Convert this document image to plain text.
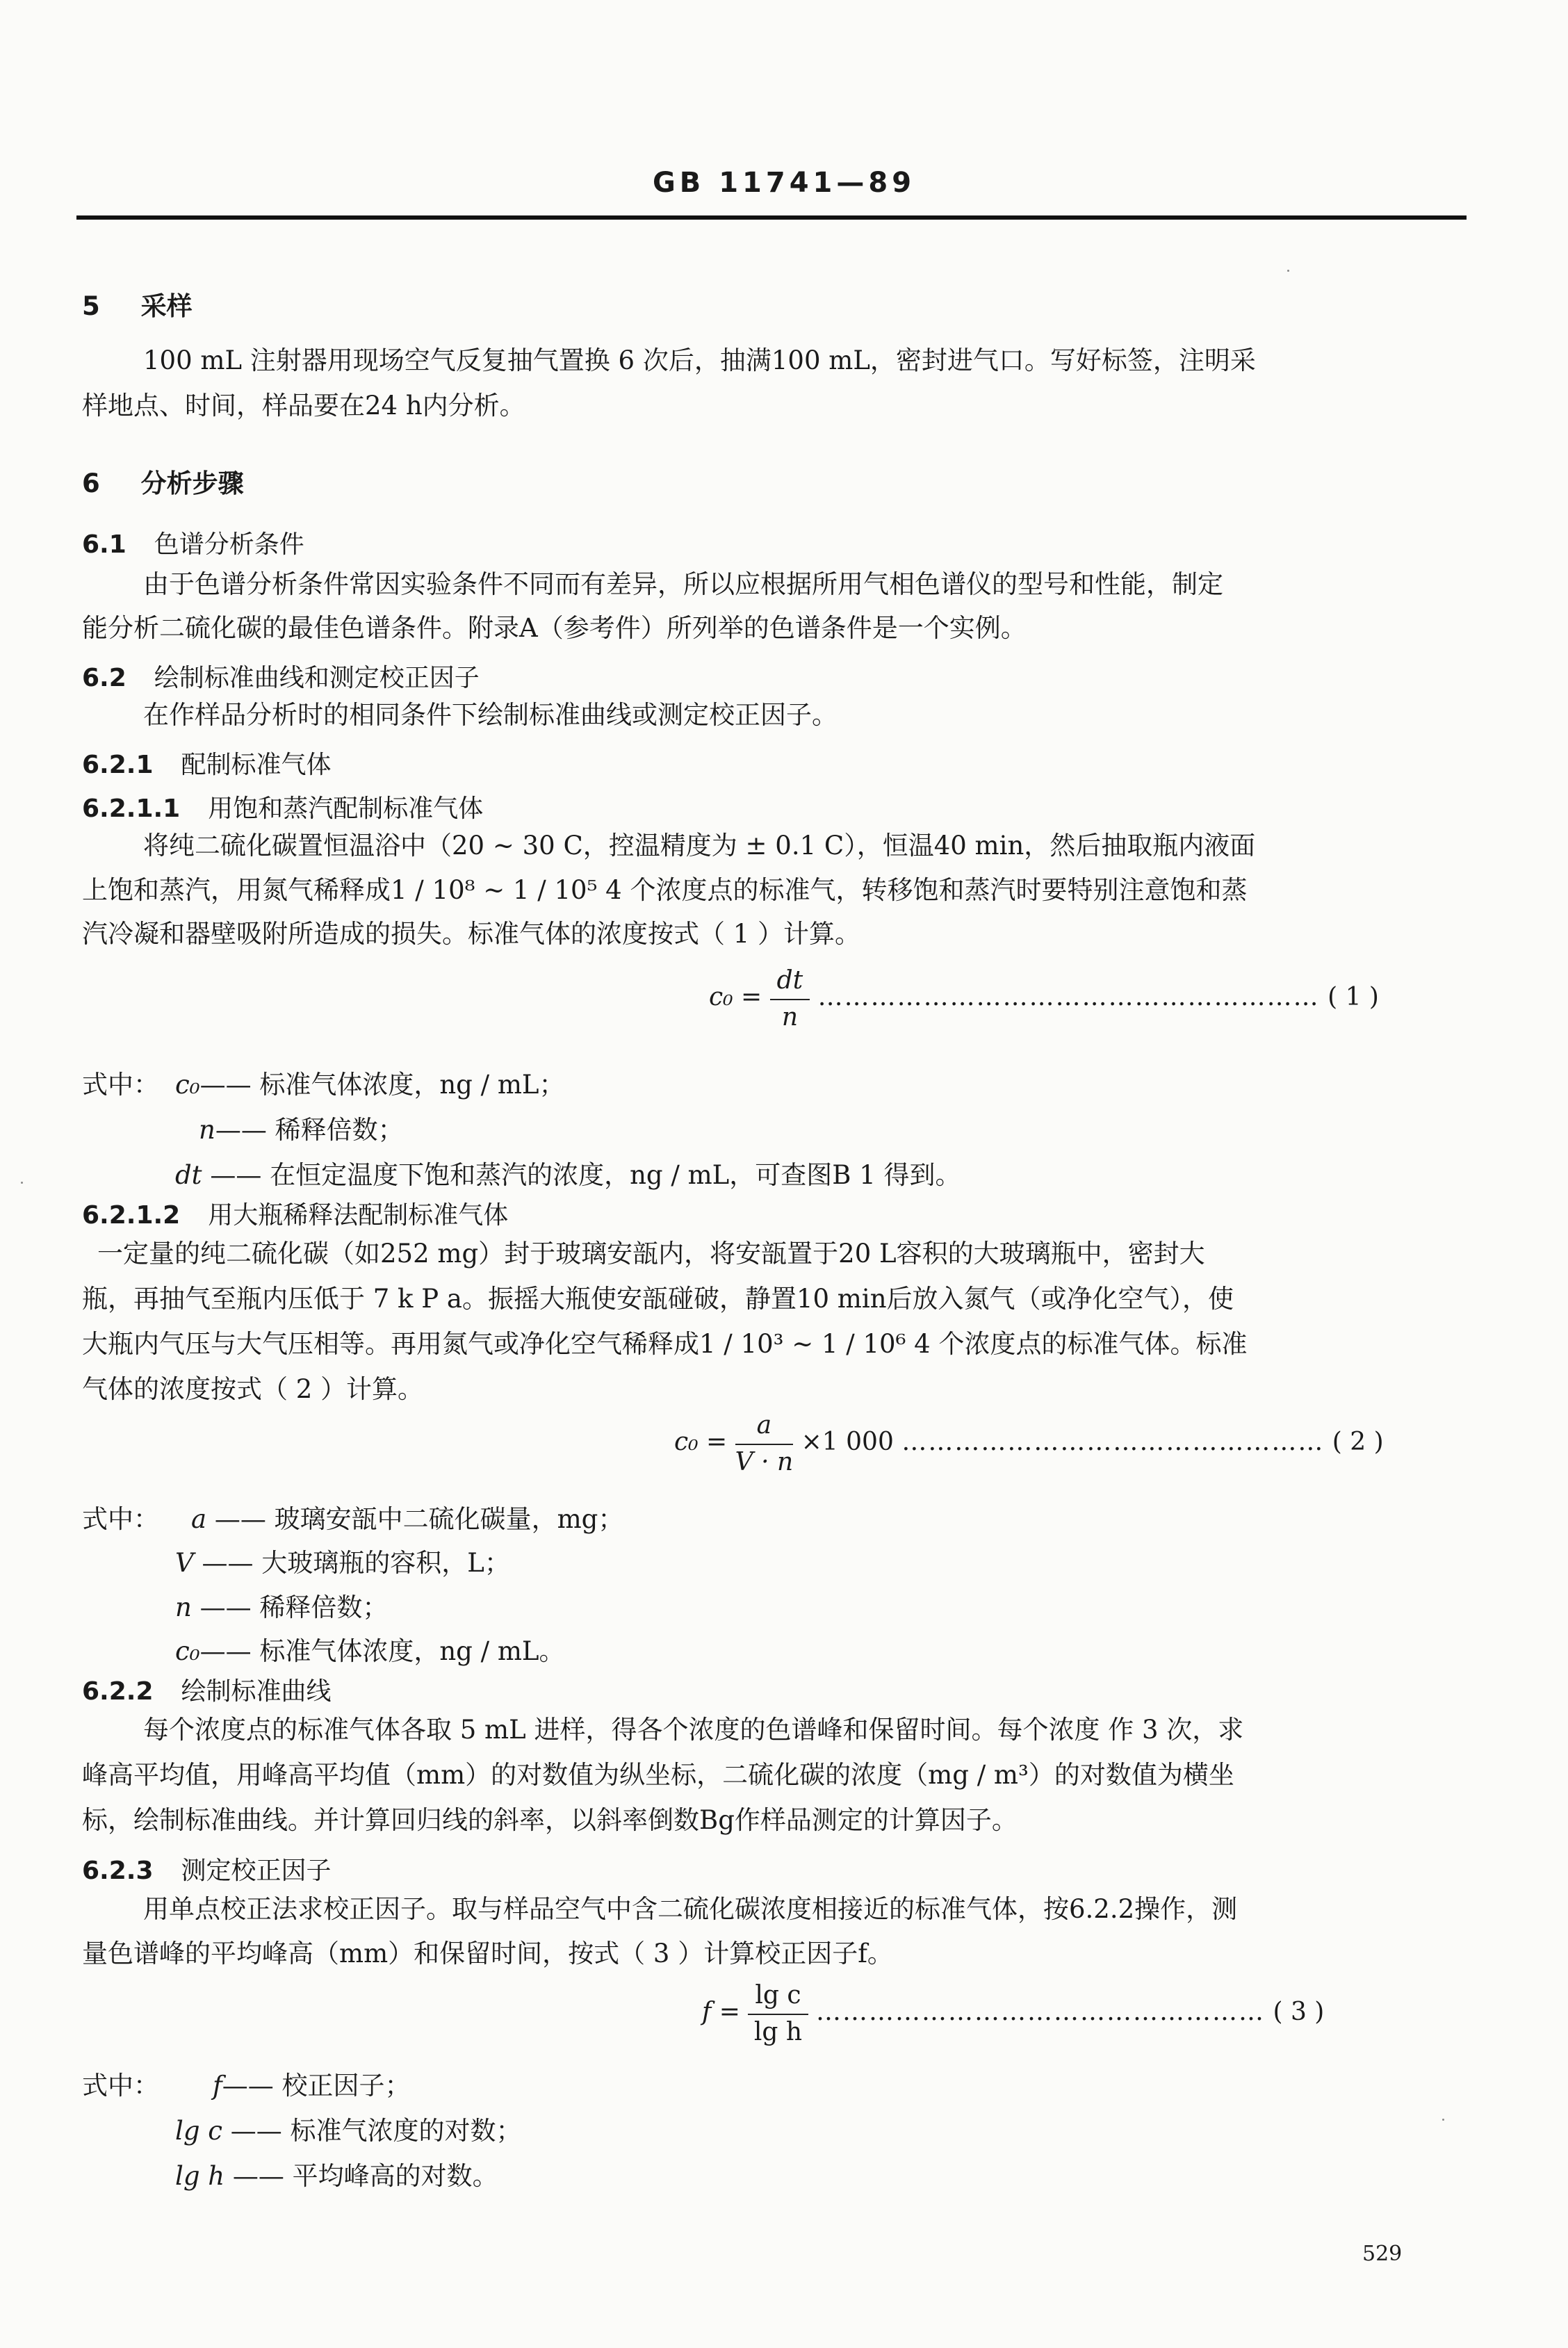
GB 11741—89
5 采样
100 mL 注射器用现场空气反复抽气置换 6 次后，抽满100 mL，密封进气口。写好标签，注明采
样地点、时间，样品要在24 h内分析。
6 分析步骤
6.1 色谱分析条件
由于色谱分析条件常因实验条件不同而有差异，所以应根据所用气相色谱仪的型号和性能，制定
能分析二硫化碳的最佳色谱条件。附录A（参考件）所列举的色谱条件是一个实例。
6.2 绘制标准曲线和测定校正因子
在作样品分析时的相同条件下绘制标准曲线或测定校正因子。
6.2.1 配制标准气体
6.2.1.1 用饱和蒸汽配制标准气体
将纯二硫化碳置恒温浴中（20 ~ 30 C，控温精度为 ± 0.1 C），恒温40 min，然后抽取瓶内液面
上饱和蒸汽，用氮气稀释成1 / 10⁸ ~ 1 / 10⁵ 4 个浓度点的标准气，转移饱和蒸汽时要特别注意饱和蒸
汽冷凝和器壁吸附所造成的损失。标准气体的浓度按式（ 1 ）计算。
$c_0 = \frac{dt}{n}$ ………………………………………………… ( 1 )
式中： c₀—— 标准气体浓度，ng / mL；
n—— 稀释倍数；
dt —— 在恒定温度下饱和蒸汽的浓度，ng / mL，可查图B 1 得到。
6.2.1.2 用大瓶稀释法配制标准气体
一定量的纯二硫化碳（如252 mg）封于玻璃安瓿内，将安瓿置于20 L容积的大玻璃瓶中，密封大
瓶，再抽气至瓶内压低于 7 k P a。振摇大瓶使安瓿碰破，静置10 min后放入氮气（或净化空气），使
大瓶内气压与大气压相等。再用氮气或净化空气稀释成1 / 10³ ~ 1 / 10⁶ 4 个浓度点的标准气体。标准
气体的浓度按式（ 2 ）计算。
$c_0 = \frac{a}{V \cdot n} \times 1$ 000 ………………………………………… ( 2 )
式中： a —— 玻璃安瓿中二硫化碳量，mg；
V —— 大玻璃瓶的容积，L；
n —— 稀释倍数；
c₀—— 标准气体浓度，ng / mL。
6.2.2 绘制标准曲线
每个浓度点的标准气体各取 5 mL 进样，得各个浓度的色谱峰和保留时间。每个浓度 作 3 次，求
峰高平均值，用峰高平均值（mm）的对数值为纵坐标，二硫化碳的浓度（mg / m³）的对数值为横坐
标，绘制标准曲线。并计算回归线的斜率，以斜率倒数Bg作样品测定的计算因子。
6.2.3 测定校正因子
用单点校正法求校正因子。取与样品空气中含二硫化碳浓度相接近的标准气体，按6.2.2操作，测
量色谱峰的平均峰高（mm）和保留时间，按式（ 3 ）计算校正因子f。
$f = \frac{\text{lg c}}{\text{lg h}}$ …………………………………………… ( 3 )
式中： f—— 校正因子；
lg c —— 标准气浓度的对数；
lg h —— 平均峰高的对数。
529
